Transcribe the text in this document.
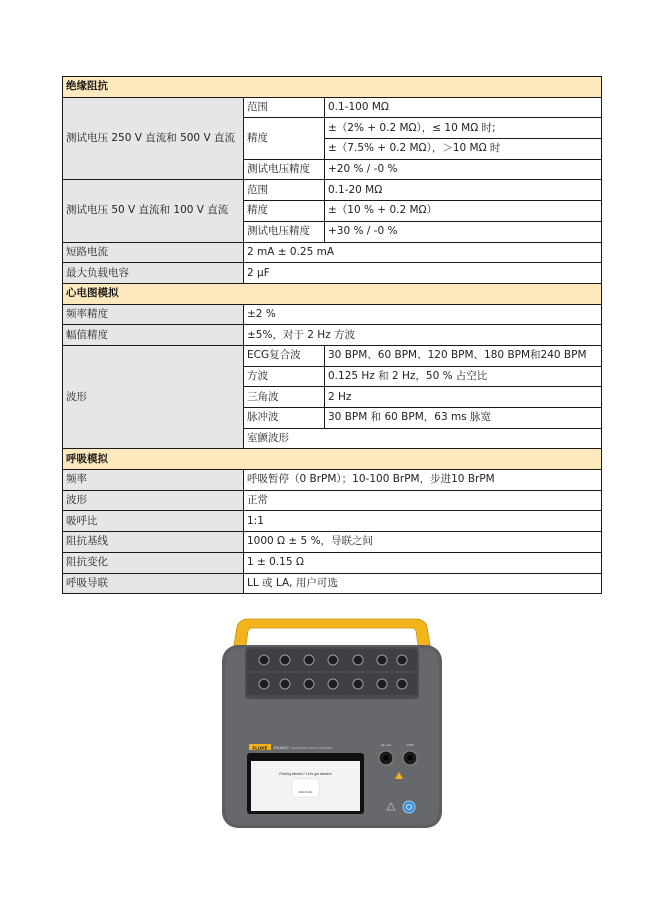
绝缘阻抗		
测试电压 250 V 直流和 500 V 直流	范围	0.1-100 MΩ
	精度	±（2% + 0.2 MΩ），≤ 10 MΩ 时;
		±（7.5% + 0.2 MΩ），＞10 MΩ 时
	测试电压精度	+20 % / -0 %
测试电压 50 V 直流和 100 V 直流	范围	0.1-20 MΩ
	精度	±（10 % + 0.2 MΩ）
	测试电压精度	+30 % / -0 %
短路电流	2 mA ± 0.25 mA	
最大负载电容	2 µF	
心电图模拟		
频率精度	±2 %	
幅值精度	±5%，对于 2 Hz 方波	
波形	ECG复合波	30 BPM、60 BPM、120 BPM、180 BPM和240 BPM
	方波	0.125 Hz 和 2 Hz，50 % 占空比
	三角波	2 Hz
	脉冲波	30 BPM 和 60 BPM，63 ms 脉宽
	室颤波形	
呼吸模拟		
频率	呼吸暂停（0 BrPM）；10-100 BrPM，步进10 BrPM	
波形	正常	
吸呼比	1:1	
阻抗基线	1000 Ω ± 5 %，导联之间	
阻抗变化	1 ± 0.15 Ω	
呼吸导联	LL 或 LA, 用户可选	
FLUKE ESA612 ELECTRICAL SAFETY ANALYZER
Feeling electric? Let's get started!
MEASURE
μA / mA	COM
